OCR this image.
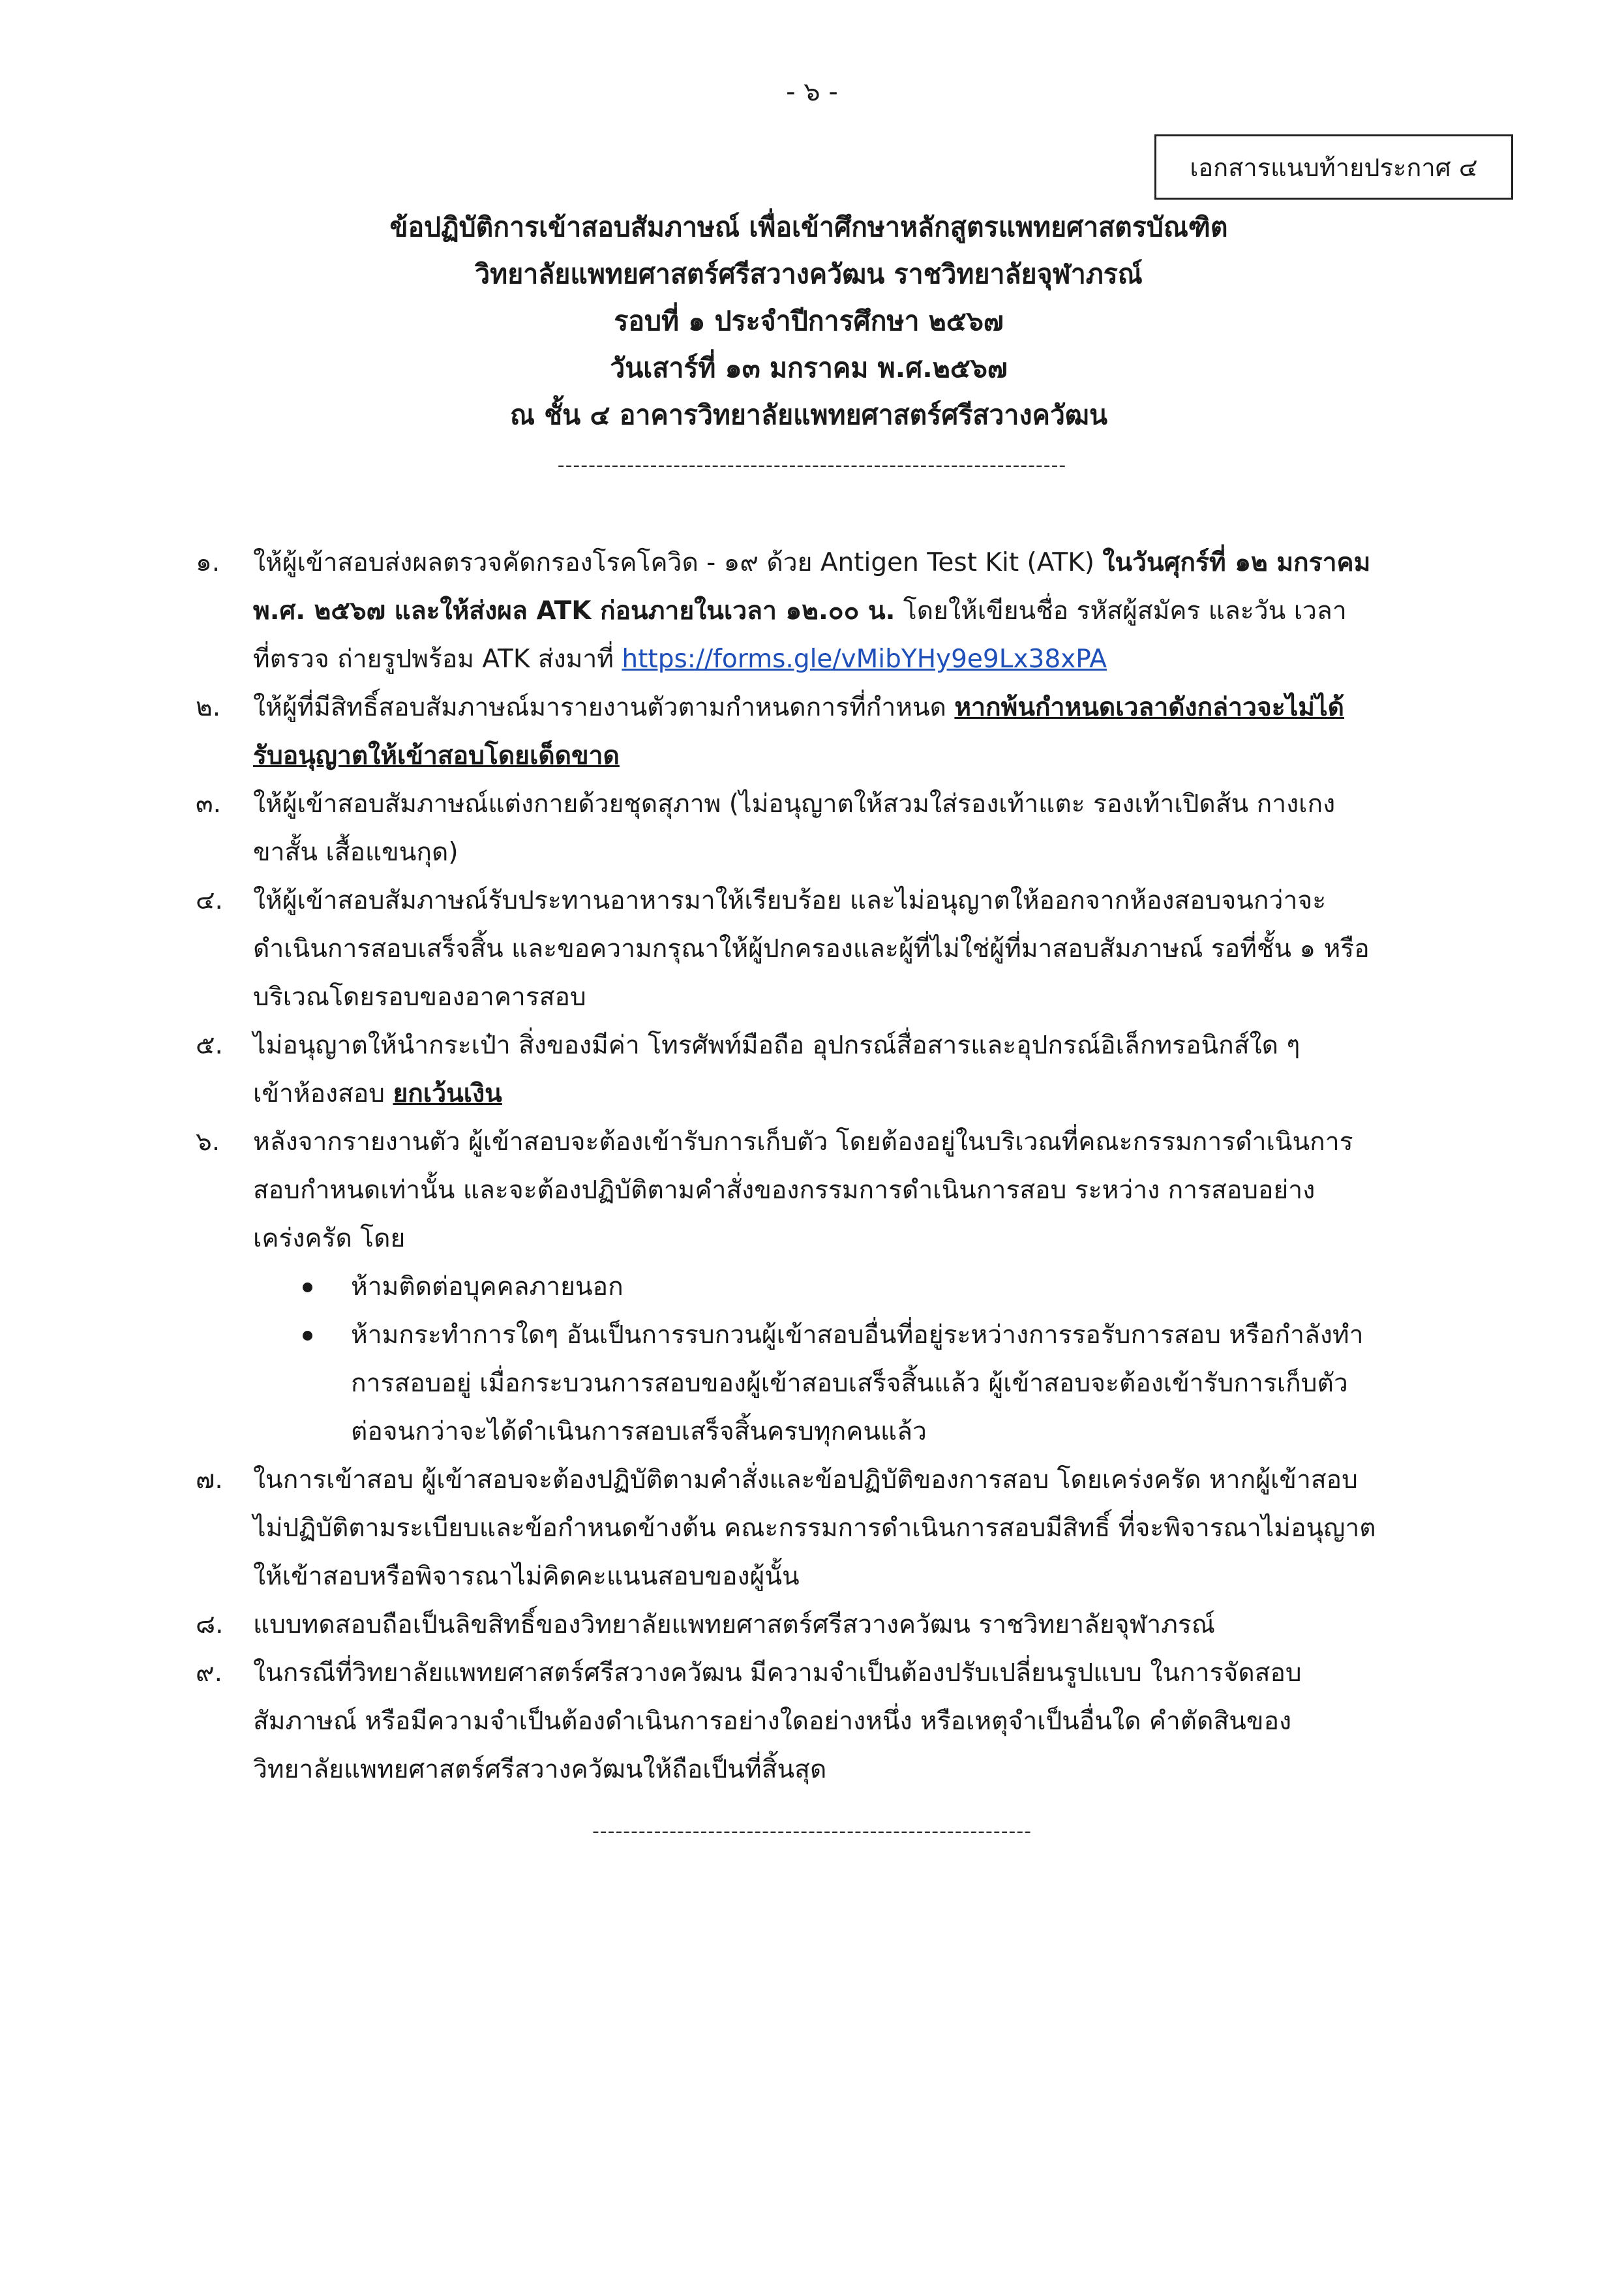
- ๖ -
เอกสารแนบท้ายประกาศ ๔
ข้อปฏิบัติการเข้าสอบสัมภาษณ์ เพื่อเข้าศึกษาหลักสูตรแพทยศาสตรบัณฑิต
วิทยาลัยแพทยศาสตร์ศรีสวางควัฒน ราชวิทยาลัยจุฬาภรณ์
รอบที่ ๑ ประจำปีการศึกษา ๒๕๖๗
วันเสาร์ที่ ๑๓ มกราคม พ.ศ.๒๕๖๗
ณ ชั้น ๔ อาคารวิทยาลัยแพทยศาสตร์ศรีสวางควัฒน
------------------------------------------------------------------
๑. ให้ผู้เข้าสอบส่งผลตรวจคัดกรองโรคโควิด - ๑๙ ด้วย Antigen Test Kit (ATK) ในวันศุกร์ที่ ๑๒ มกราคม
พ.ศ. ๒๕๖๗ และให้ส่งผล ATK ก่อนภายในเวลา ๑๒.๐๐ น. โดยให้เขียนชื่อ รหัสผู้สมัคร และวัน เวลา
ที่ตรวจ ถ่ายรูปพร้อม ATK ส่งมาที่ https://forms.gle/vMibYHy9e9Lx38xPA
๒. ให้ผู้ที่มีสิทธิ์สอบสัมภาษณ์มารายงานตัวตามกำหนดการที่กำหนด หากพ้นกำหนดเวลาดังกล่าวจะไม่ได้
รับอนุญาตให้เข้าสอบโดยเด็ดขาด
๓. ให้ผู้เข้าสอบสัมภาษณ์แต่งกายด้วยชุดสุภาพ (ไม่อนุญาตให้สวมใส่รองเท้าแตะ รองเท้าเปิดส้น กางเกง
ขาสั้น เสื้อแขนกุด)
๔. ให้ผู้เข้าสอบสัมภาษณ์รับประทานอาหารมาให้เรียบร้อย และไม่อนุญาตให้ออกจากห้องสอบจนกว่าจะ
ดำเนินการสอบเสร็จสิ้น และขอความกรุณาให้ผู้ปกครองและผู้ที่ไม่ใช่ผู้ที่มาสอบสัมภาษณ์ รอที่ชั้น ๑ หรือ
บริเวณโดยรอบของอาคารสอบ
๕. ไม่อนุญาตให้นำกระเป๋า สิ่งของมีค่า โทรศัพท์มือถือ อุปกรณ์สื่อสารและอุปกรณ์อิเล็กทรอนิกส์ใด ๆ
เข้าห้องสอบ ยกเว้นเงิน
๖. หลังจากรายงานตัว ผู้เข้าสอบจะต้องเข้ารับการเก็บตัว โดยต้องอยู่ในบริเวณที่คณะกรรมการดำเนินการ
สอบกำหนดเท่านั้น และจะต้องปฏิบัติตามคำสั่งของกรรมการดำเนินการสอบ ระหว่าง การสอบอย่าง
เคร่งครัด โดย
ห้ามติดต่อบุคคลภายนอก
ห้ามกระทำการใดๆ อันเป็นการรบกวนผู้เข้าสอบอื่นที่อยู่ระหว่างการรอรับการสอบ หรือกำลังทำ
การสอบอยู่ เมื่อกระบวนการสอบของผู้เข้าสอบเสร็จสิ้นแล้ว ผู้เข้าสอบจะต้องเข้ารับการเก็บตัว
ต่อจนกว่าจะได้ดำเนินการสอบเสร็จสิ้นครบทุกคนแล้ว
๗. ในการเข้าสอบ ผู้เข้าสอบจะต้องปฏิบัติตามคำสั่งและข้อปฏิบัติของการสอบ โดยเคร่งครัด หากผู้เข้าสอบ
ไม่ปฏิบัติตามระเบียบและข้อกำหนดข้างต้น คณะกรรมการดำเนินการสอบมีสิทธิ์ ที่จะพิจารณาไม่อนุญาต
ให้เข้าสอบหรือพิจารณาไม่คิดคะแนนสอบของผู้นั้น
๘. แบบทดสอบถือเป็นลิขสิทธิ์ของวิทยาลัยแพทยศาสตร์ศรีสวางควัฒน ราชวิทยาลัยจุฬาภรณ์
๙. ในกรณีที่วิทยาลัยแพทยศาสตร์ศรีสวางควัฒน มีความจำเป็นต้องปรับเปลี่ยนรูปแบบ ในการจัดสอบ
สัมภาษณ์ หรือมีความจำเป็นต้องดำเนินการอย่างใดอย่างหนึ่ง หรือเหตุจำเป็นอื่นใด คำตัดสินของ
วิทยาลัยแพทยศาสตร์ศรีสวางควัฒนให้ถือเป็นที่สิ้นสุด
---------------------------------------------------------
